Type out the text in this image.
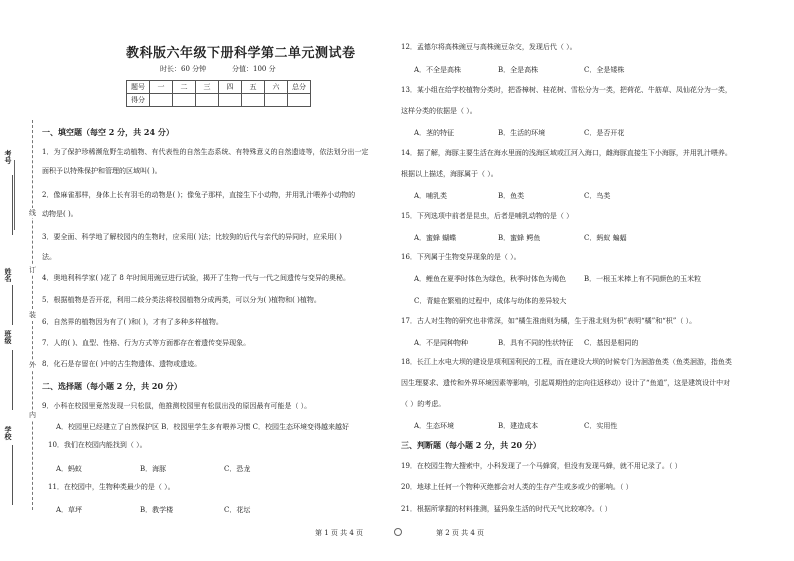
考号
姓名
班级
学校
线
订
装
外
内
教科版六年级下册科学第二单元测试卷
时长：60 分钟	分值：100 分
题号	一	二	三	四	五	六	总分
得分							
一、填空题（每空 2 分，共 24 分）
1．为了保护珍稀濒危野生动植物、有代表性的自然生态系统、有特殊意义的自然遗迹等，依法划分出一定
面积予以特殊保护和管理的区域叫( )。
2．像麻雀那样，身体上长有羽毛的动物是( )；像兔子那样，直接生下小动物，并用乳汁喂养小动物的
动物是( )。
3．要全面、科学地了解校园内的生物时，应采用( )法；比较狗的后代与亲代的异同时，应采用( )
法。
4．奥地利科学家( )花了 8 年时间用豌豆进行试验，揭开了生物一代与一代之间遗传与变异的奥秘。
5．根据植物是否开花，利用二歧分类法将校园植物分成两类，可以分为( )植物和( )植物。
6．自然界的植物因为有了( )和( )，才有了多种多样植物。
7．人的( )、血型、性格、行为方式等方面都存在着遗传变异现象。
8．化石是存留在( )中的古生物遗体、遗物或遗迹。
二、选择题（每小题 2 分，共 20 分）
9．小科在校园里竟然发现一只松鼠，他推测校园里有松鼠出没的原因最有可能是（ ）。
A．校园里已经建立了自然保护区 B．校园里学生多有喂养习惯 C．校园生态环境变得越来越好
10．我们在校园内能找到（ ）。
A．蚂蚁	B．海豚	C．恐龙
11．在校园中，生物种类最少的是（ ）。
A．草坪	B．教学楼	C．花坛
12．孟德尔将高株豌豆与高株豌豆杂交，发现后代（ ）。
A．不全是高株	B．全是高株	C．全是矮株
13．某小组在给学校植物分类时，把香樟树、桂花树、雪松分为一类，把荷花、牛筋草、凤仙花分为一类，
这样分类的依据是（ ）。
A．茎的特征	B．生活的环境	C．是否开花
14．据了解，海豚主要生活在海水里面的浅海区域或江河入海口，雌海豚直接生下小海豚，并用乳汁喂养。
根据以上描述，海豚属于（ ）。
A．哺乳类	B．鱼类	C．鸟类
15．下列选项中前者是昆虫，后者是哺乳动物的是（ ）
A．蜜蜂 蝴蝶	B．蜜蜂 鳄鱼	C．蚂蚁 蝙蝠
16．下列属于生物变异现象的是（ ）。
A．鲤鱼在夏季时体色为绿色，秋季时体色为褐色	B．一根玉米棒上有不同颜色的玉米粒
C．青蛙在繁殖的过程中，成体与幼体的差异较大
17．古人对生物的研究也非常深，如“橘生淮南则为橘，生于淮北则为枳”表明“橘”和“枳”（ ）。
A．不是同种物种	B．具有不同的性状特征 C．基因是相同的
18．长江上水电大坝的建设是项利国利民的工程，而在建设大坝的时候专门为洄游鱼类（鱼类洄游，指鱼类
因生理要求、遗传和外界环境因素等影响，引起周期性的定向往返移动）设计了“鱼道”，这是建筑设计中对
（ ）的考虑。
A．生态环境	B．建造成本	C．实用性
三、判断题（每小题 2 分，共 20 分）
19．在校园生物大搜索中，小科发现了一个马蜂窝，但没有发现马蜂，就不用记录了。（ ）
20．地球上任何一个物种灭绝都会对人类的生存产生或多或少的影响。（ ）
21．根据所掌握的材料推测，猛犸象生活的时代天气比较寒冷。（ ）
第 1 页 共 4 页	第 2 页 共 4 页
